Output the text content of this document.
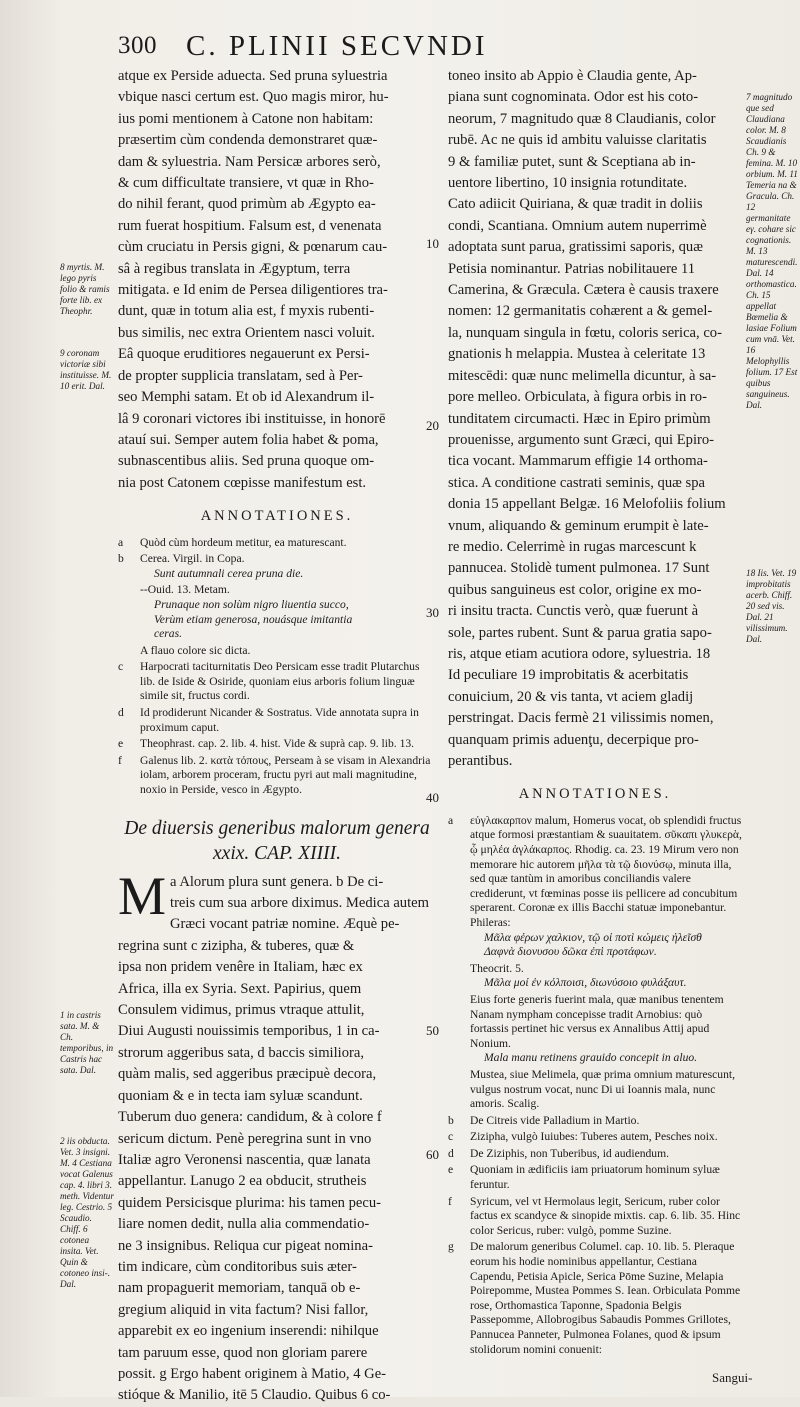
300 C. PLINII SECVNDI
atque ex Perside aduecta. Sed pruna syluestria
vbique nasci certum est. Quo magis miror, hu-
ius pomi mentionem à Catone non habitam:
præsertim cùm condenda demonstraret quæ-
dam & syluestria. Nam Persicæ arbores serò,
& cum difficultate transiere, vt quæ in Rho-
do nihil ferant, quod primùm ab Ægypto ea-
rum fuerat hospitium. Falsum est, d venenata
cùm cruciatu in Persis gigni, & pœnarum cau-
sâ à regibus translata in Ægyptum, terra
mitigata. e Id enim de Persea diligentiores tra-
dunt, quæ in totum alia est, f myxis rubenti-
bus similis, nec extra Orientem nasci voluit.
Eâ quoque eruditiores negauerunt ex Persi-
de propter supplicia translatam, sed à Per-
seo Memphi satam. Et ob id Alexandrum il-
lâ 9 coronari victores ibi instituisse, in honorē
atauí sui. Semper autem folia habet & poma,
subnascentibus aliis. Sed pruna quoque om-
nia post Catonem cœpisse manifestum est.
ANNOTATIONES.
a	Quòd cùm hordeum metitur, ea maturescant.
b	Cerea. Virgil. in Copa.
Sunt autumnali cerea pruna die.
--Ouid. 13. Metam.
Prunaque non solùm nigro liuentia succo,
Verùm etiam generosa, nouásque imitantia
ceras.
A flauo colore sic dicta.
c	Harpocrati taciturnitatis Deo Persicam esse tradit Plutarchus lib. de Iside & Osiride, quoniam eius arboris folium linguæ simile sit, fructus cordi.
d	Id prodiderunt Nicander & Sostratus. Vide annotata supra in proximum caput.
e	Theophrast. cap. 2. lib. 4. hist. Vide & suprà cap. 9. lib. 13.
f	Galenus lib. 2. κατὰ τόπους, Perseam à se visam in Alexandria iolam, arborem proceram, fructu pyri aut mali magnitudine, noxio in Perside, vesco in Ægypto.
De diuersis generibus malorum genera
xxix. CAP. XIIII.
M a Alorum plura sunt genera. b De ci-
treis cum sua arbore diximus. Medica autem
Græci vocant patriæ nomine. Æquè pe-
regrina sunt c zizipha, & tuberes, quæ &
ipsa non pridem venêre in Italiam, hæc ex
Africa, illa ex Syria. Sext. Papirius, quem
Consulem vidimus, primus vtraque attulit,
Diui Augusti nouissimis temporibus, 1 in ca-
strorum aggeribus sata, d baccis similiora,
quàm malis, sed aggeribus præcipuè decora,
quoniam & e in tecta iam syluæ scandunt.
Tuberum duo genera: candidum, & à colore f
sericum dictum. Penè peregrina sunt in vno
Italiæ agro Veronensi nascentia, quæ lanata
appellantur. Lanugo 2 ea obducit, strutheis
quidem Persicisque plurima: his tamen pecu-
liare nomen dedit, nulla alia commendatio-
ne 3 insignibus. Reliqua cur pigeat nomina-
tim indicare, cùm conditoribus suis æter-
nam propaguerit memoriam, tanquā ob e-
gregium aliquid in vita factum? Nisi fallor,
apparebit ex eo ingenium inserendi: nihilque
tam paruum esse, quod non gloriam parere
possit. g Ergo habent originem à Matio, 4 Ge-
stióque & Manilio, itē 5 Claudio. Quibus 6 co-
toneo insito ab Appio è Claudia gente, Ap-
piana sunt cognominata. Odor est his coto-
neorum, 7 magnitudo quæ 8 Claudianis, color
rubē. Ac ne quis id ambitu valuisse claritatis
9 & familiæ putet, sunt & Sceptiana ab in-
uentore libertino, 10 insignia rotunditate.
Cato adiicit Quiriana, & quæ tradit in doliis
condi, Scantiana. Omnium autem nuperrimè
adoptata sunt parua, gratissimi saporis, quæ
Petisia nominantur. Patrias nobilitauere 11
Camerina, & Græcula. Cætera è causis traxere
nomen: 12 germanitatis cohærent a & gemel-
la, nunquam singula in fœtu, coloris serica, co-
gnationis h melappia. Mustea à celeritate 13
mitescēdi: quæ nunc melimella dicuntur, à sa-
pore melleo. Orbiculata, à figura orbis in ro-
tunditatem circumacti. Hæc in Epiro primùm
prouenisse, argumento sunt Græci, qui Epiro-
tica vocant. Mammarum effigie 14 orthoma-
stica. A conditione castrati seminis, quæ spa
donia 15 appellant Belgæ. 16 Melofoliis folium
vnum, aliquando & geminum erumpit è late-
re medio. Celerrimè in rugas marcescunt k
pannucea. Stolidè tument pulmonea. 17 Sunt
quibus sanguineus est color, origine ex mo-
ri insitu tracta. Cunctis verò, quæ fuerunt à
sole, partes rubent. Sunt & parua gratia sapo-
ris, atque etiam acutiora odore, syluestria. 18
Id peculiare 19 improbitatis & acerbitatis
conuicium, 20 & vis tanta, vt aciem gladij
perstringat. Dacis fermè 21 vilissimis nomen,
quanquam primis aduenţu, decerpique pro-
perantibus.
ANNOTATIONES.
a	εὐγλακαρπον malum, Homerus vocat, ob splendidi fructus atque formosi præstantiam & suauitatem. σῦκαπι γλυκερὰ, ᾧ μηλέα ἀγλάκαρπος. Rhodig. ca. 23. 19 Mirum vero non memorare hic autorem μῆλα τὰ τῷ διονύσῳ, minuta illa, sed quæ tantùm in amoribus conciliandis valere crediderunt, vt fœminas posse iis pellicere ad concubitum sperarent. Coronæ ex illis Bacchi statuæ imponebantur. Phileras:
Μᾶλα φέρων χαλκιον, τῷ οἱ ποτὶ κώμεις ἠλεῖσθ
Δαφνὰ διονυσου δῶκα ἐπὶ προτάφων.
Theocrit. 5.
Μᾶλα μοί ἐν κόλποισι, διωνύσοιο φυλάξαυτ.
Eius forte generis fuerint mala, quæ manibus tenentem Nanam nympham concepisse tradit Arnobius: quò fortassis pertinet hic versus ex Annalibus Attij apud Nonium.
Mala manu retinens grauido concepit in aluo.
Mustea, siue Melimela, quæ prima omnium maturescunt, vulgus nostrum vocat, nunc Di ui Ioannis mala, nunc amoris. Scalig.
b	De Citreis vide Palladium in Martio.
c	Zizipha, vulgò Iuiubes: Tuberes autem, Pesches noix.
d	De Ziziphis, non Tuberibus, id audiendum.
e	Quoniam in ædificiis iam priuatorum hominum syluæ feruntur.
f	Syricum, vel vt Hermolaus legit, Sericum, ruber color factus ex scandyce & sinopide mixtis. cap. 6. lib. 35. Hinc color Sericus, ruber: vulgò, pomme Suzine.
g	De malorum generibus Columel. cap. 10. lib. 5. Pleraque eorum his hodie nominibus appellantur, Cestiana Capendu, Petisia Apicle, Serica Pōme Suzine, Melapia Poirepomme, Mustea Pommes S. Iean. Orbiculata Pomme rose, Orthomastica Taponne, Spadonia Belgis Passepomme, Allobrogibus Sabaudis Pommes Grillotes, Pannucea Panneter, Pulmonea Folanes, quod & ipsum stolidorum nomini conuenit:
8 myrtis. M. lego pyris folio & ramis forte lib. ex Theophr.
9 coronam victoriæ sibi instituisse. M. 10 erit. Dal.
1 in castris sata. M. & Ch. temporibus, in Castris hac sata. Dal.
2 iis obducta. Vet. 3 insigni. M. 4 Cestiana vocat Galenus cap. 4. libri 3. meth. Videntur leg. Cestrio. 5 Scaudio. Chiff. 6 cotonea insita. Vet. Quin & cotoneo insi-. Dal.
7 magnitudo que sed Claudiana color. M. 8 Scaudianis Ch. 9 & femina. M. 10 orbium. M. 11 Temeria na & Gracula. Ch. 12 germanitate eγ. cohare sic cognationis. M. 13 maturescendi. Dal. 14 orthomastica. Ch. 15 appellat Bœmelia & lasiae Folium cum vnā. Vet. 16 Melophyllis folium. 17 Est quibus sanguineus. Dal.
18 Iis. Vet. 19 improbitatis acerb. Chiff. 20 sed vis. Dal. 21 vilissimum. Dal.
10
20
30
40
50
60
Sangui-
